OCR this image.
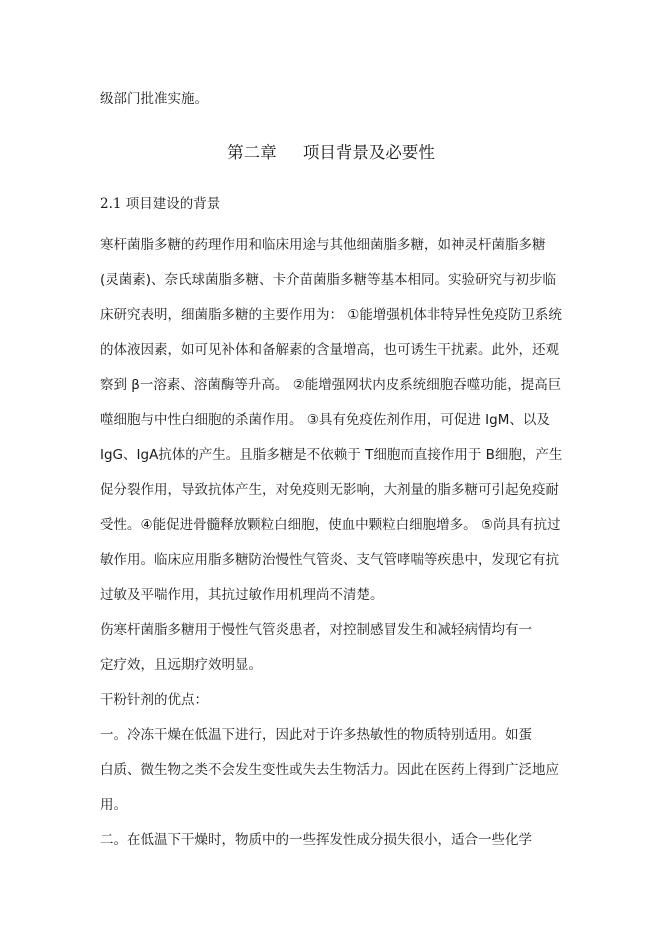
级部门批准实施。
第二章     项目背景及必要性
2.1 项目建设的背景
寒杆菌脂多糖的药理作用和临床用途与其他细菌脂多糖，如神灵杆菌脂多糖
(灵菌素)、奈氏球菌脂多糖、卡介苗菌脂多糖等基本相同。实验研究与初步临
床研究表明，细菌脂多糖的主要作用为： ①能增强机体非特异性免疫防卫系统
的体液因素，如可见补体和备解素的含量增高，也可诱生干扰素。此外，还观
察到 β一溶素、溶菌酶等升高。 ②能增强网状内皮系统细胞吞噬功能，提高巨
噬细胞与中性白细胞的杀菌作用。 ③具有免疫佐剂作用，可促进 IgM、以及
IgG、IgA抗体的产生。且脂多糖是不依赖于 T细胞而直接作用于 B细胞，产生
促分裂作用，导致抗体产生，对免疫则无影响，大剂量的脂多糖可引起免疫耐
受性。④能促进骨髓释放颗粒白细胞，使血中颗粒白细胞增多。 ⑤尚具有抗过
敏作用。临床应用脂多糖防治慢性气管炎、支气管哮喘等疾患中，发现它有抗
过敏及平喘作用，其抗过敏作用机理尚不清楚。
伤寒杆菌脂多糖用于慢性气管炎患者，对控制感冒发生和减轻病情均有一
定疗效，且远期疗效明显。
干粉针剂的优点：
一。冷冻干燥在低温下进行，因此对于许多热敏性的物质特别适用。如蛋
白质、微生物之类不会发生变性或失去生物活力。因此在医药上得到广泛地应
用。
二。在低温下干燥时，物质中的一些挥发性成分损失很小，适合一些化学
